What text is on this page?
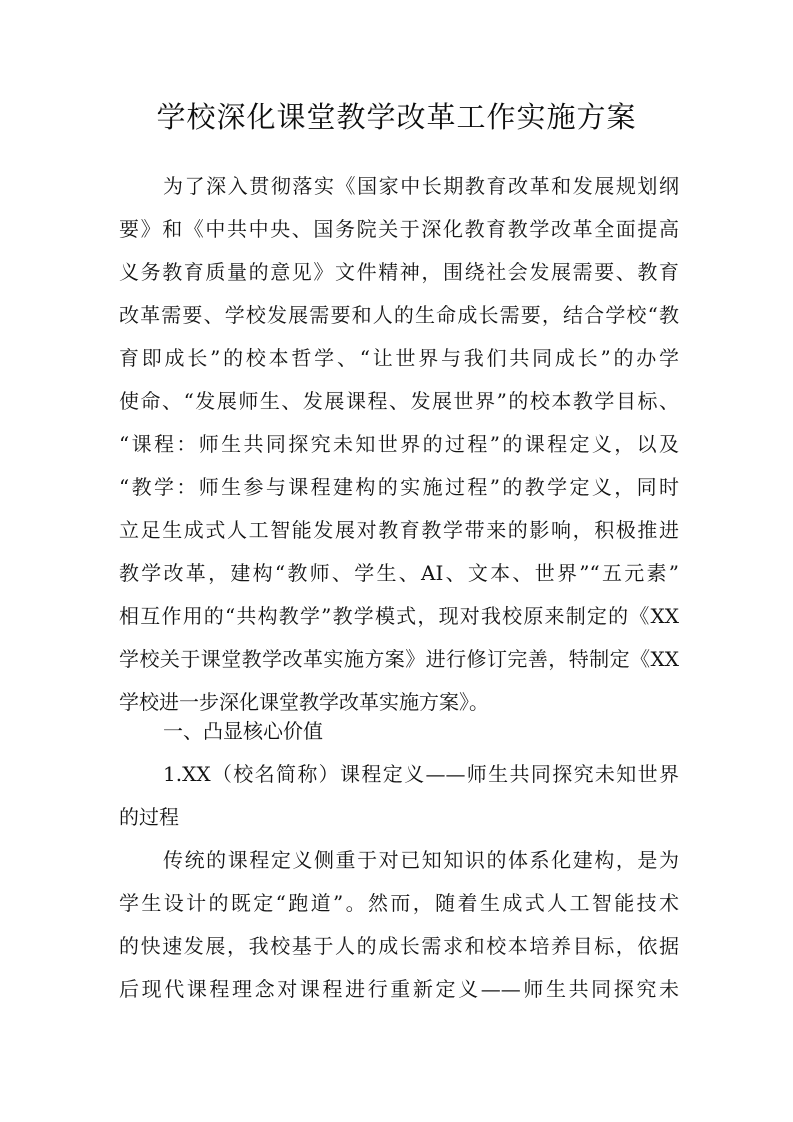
学校深化课堂教学改革工作实施方案
为了深入贯彻落实《国家中长期教育改革和发展规划纲
要》和《中共中央、国务院关于深化教育教学改革全面提高
义务教育质量的意见》文件精神，围绕社会发展需要、教育
改革需要、学校发展需要和人的生命成长需要，结合学校“教
育即成长”的校本哲学、“让世界与我们共同成长”的办学
使命、“发展师生、发展课程、发展世界”的校本教学目标、
“课程：师生共同探究未知世界的过程”的课程定义，以及
“教学：师生参与课程建构的实施过程”的教学定义，同时
立足生成式人工智能发展对教育教学带来的影响，积极推进
教学改革，建构“教师、学生、AI、文本、世界”“五元素”
相互作用的“共构教学”教学模式，现对我校原来制定的《XX
学校关于课堂教学改革实施方案》进行修订完善，特制定《XX
学校进一步深化课堂教学改革实施方案》。
一、凸显核心价值
1.XX（校名简称）课程定义——师生共同探究未知世界
的过程
传统的课程定义侧重于对已知知识的体系化建构，是为
学生设计的既定“跑道”。然而，随着生成式人工智能技术
的快速发展，我校基于人的成长需求和校本培养目标，依据
后现代课程理念对课程进行重新定义——师生共同探究未
